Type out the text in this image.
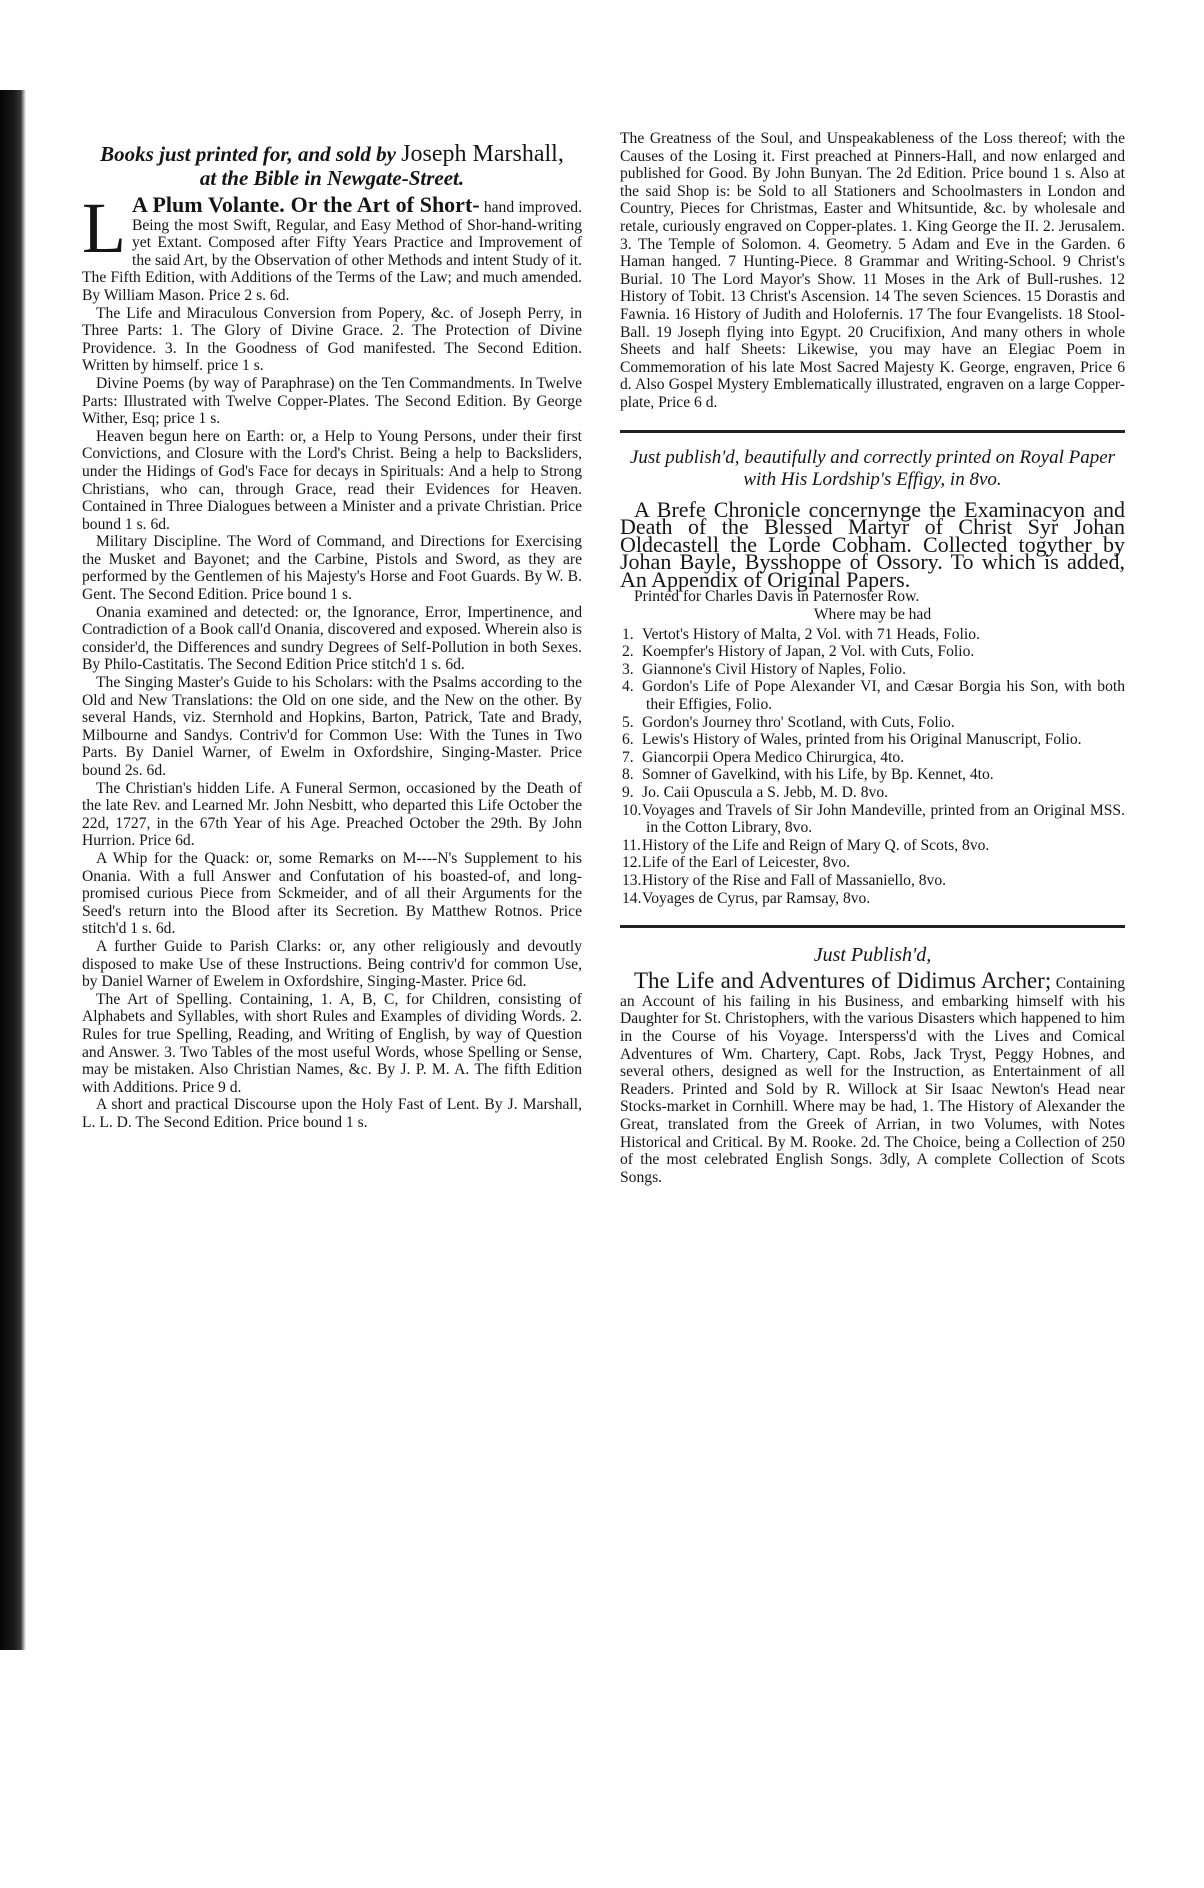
Books just printed for, and sold by Joseph Marshall,
at the Bible in Newgate-Street.

L A Plum Volante. Or the Art of Short- hand improved. Being the most Swift, Regular, and Easy Method of Shor-hand-writing yet Extant. Composed after Fifty Years Practice and Improvement of the said Art, by the Observation of other Methods and intent Study of it. The Fifth Edition, with Additions of the Terms of the Law; and much amended. By William Mason. Price 2 s. 6d.

The Life and Miraculous Conversion from Popery, &c. of Joseph Perry, in Three Parts: 1. The Glory of Divine Grace. 2. The Protection of Divine Providence. 3. In the Goodness of God manifested. The Second Edition. Written by himself. price 1 s.

Divine Poems (by way of Paraphrase) on the Ten Commandments. In Twelve Parts: Illustrated with Twelve Copper-Plates. The Second Edition. By George Wither, Esq; price 1 s.

Heaven begun here on Earth: or, a Help to Young Persons, under their first Convictions, and Closure with the Lord's Christ. Being a help to Backsliders, under the Hidings of God's Face for decays in Spirituals: And a help to Strong Christians, who can, through Grace, read their Evidences for Heaven. Contained in Three Dialogues between a Minister and a private Christian. Price bound 1 s. 6d.

Military Discipline. The Word of Command, and Directions for Exercising the Musket and Bayonet; and the Carbine, Pistols and Sword, as they are performed by the Gentlemen of his Majesty's Horse and Foot Guards. By W. B. Gent. The Second Edition. Price bound 1 s.

Onania examined and detected: or, the Ignorance, Error, Impertinence, and Contradiction of a Book call'd Onania, discovered and exposed. Wherein also is consider'd, the Differences and sundry Degrees of Self-Pollution in both Sexes. By Philo-Castitatis. The Second Edition Price stitch'd 1 s. 6d.

The Singing Master's Guide to his Scholars: with the Psalms according to the Old and New Translations: the Old on one side, and the New on the other. By several Hands, viz. Sternhold and Hopkins, Barton, Patrick, Tate and Brady, Milbourne and Sandys. Contriv'd for Common Use: With the Tunes in Two Parts. By Daniel Warner, of Ewelm in Oxfordshire, Singing-Master. Price bound 2s. 6d.

The Christian's hidden Life. A Funeral Sermon, occasioned by the Death of the late Rev. and Learned Mr. John Nesbitt, who departed this Life October the 22d, 1727, in the 67th Year of his Age. Preached October the 29th. By John Hurrion. Price 6d.

A Whip for the Quack: or, some Remarks on M----N's Supplement to his Onania. With a full Answer and Confutation of his boasted-of, and long-promised curious Piece from Sckmeider, and of all their Arguments for the Seed's return into the Blood after its Secretion. By Matthew Rotnos. Price stitch'd 1 s. 6d.

A further Guide to Parish Clarks: or, any other religiously and devoutly disposed to make Use of these Instructions. Being contriv'd for common Use, by Daniel Warner of Ewelem in Oxfordshire, Singing-Master. Price 6d.

The Art of Spelling. Containing, 1. A, B, C, for Children, consisting of Alphabets and Syllables, with short Rules and Examples of dividing Words. 2. Rules for true Spelling, Reading, and Writing of English, by way of Question and Answer. 3. Two Tables of the most useful Words, whose Spelling or Sense, may be mistaken. Also Christian Names, &c. By J. P. M. A. The fifth Edition with Additions. Price 9 d.

A short and practical Discourse upon the Holy Fast of Lent. By J. Marshall, L. L. D. The Second Edition. Price bound 1 s.

The Greatness of the Soul, and Unspeakableness of the Loss thereof; with the Causes of the Losing it. First preached at Pinners-Hall, and now enlarged and published for Good. By John Bunyan. The 2d Edition. Price bound 1 s. Also at the said Shop is: be Sold to all Stationers and Schoolmasters in London and Country, Pieces for Christmas, Easter and Whitsuntide, &c. by wholesale and retale, curiously engraved on Copper-plates. 1. King George the II. 2. Jerusalem. 3. The Temple of Solomon. 4. Geometry. 5 Adam and Eve in the Garden. 6 Haman hanged. 7 Hunting-Piece. 8 Grammar and Writing-School. 9 Christ's Burial. 10 The Lord Mayor's Show. 11 Moses in the Ark of Bull-rushes. 12 History of Tobit. 13 Christ's Ascension. 14 The seven Sciences. 15 Dorastis and Fawnia. 16 History of Judith and Holofernis. 17 The four Evangelists. 18 Stool-Ball. 19 Joseph flying into Egypt. 20 Crucifixion, And many others in whole Sheets and half Sheets: Likewise, you may have an Elegiac Poem in Commemoration of his late Most Sacred Majesty K. George, engraven, Price 6 d. Also Gospel Mystery Emblematically illustrated, engraven on a large Copper-plate, Price 6 d.

Just publish'd, beautifully and correctly printed on Royal Paper with His Lordship's Effigy, in 8vo.

A Brefe Chronicle concernynge the Examinacyon and Death of the Blessed Martyr of Christ Syr Johan Oldecastell the Lorde Cobham. Collected togyther by Johan Bayle, Bysshoppe of Ossory. To which is added, An Appendix of Original Papers.

Printed for Charles Davis in Paternoster Row.

Where may be had

1. Vertot's History of Malta, 2 Vol. with 71 Heads, Folio.
2. Koempfer's History of Japan, 2 Vol. with Cuts, Folio.
3. Giannone's Civil History of Naples, Folio.
4. Gordon's Life of Pope Alexander VI, and Cæsar Borgia his Son, with both their Effigies, Folio.
5. Gordon's Journey thro' Scotland, with Cuts, Folio.
6. Lewis's History of Wales, printed from his Original Manuscript, Folio.
7. Giancorpii Opera Medico Chirurgica, 4to.
8. Somner of Gavelkind, with his Life, by Bp. Kennet, 4to.
9. Jo. Caii Opuscula a S. Jebb, M. D. 8vo.
10.Voyages and Travels of Sir John Mandeville, printed from an Original MSS. in the Cotton Library, 8vo.
11.History of the Life and Reign of Mary Q. of Scots, 8vo.
12.Life of the Earl of Leicester, 8vo.
13.History of the Rise and Fall of Massaniello, 8vo.
14.Voyages de Cyrus, par Ramsay, 8vo.

Just Publish'd,

The Life and Adventures of Didimus Archer; Containing an Account of his failing in his Business, and embarking himself with his Daughter for St. Christophers, with the various Disasters which happened to him in the Course of his Voyage. Intersperss'd with the Lives and Comical Adventures of Wm. Chartery, Capt. Robs, Jack Tryst, Peggy Hobnes, and several others, designed as well for the Instruction, as Entertainment of all Readers. Printed and Sold by R. Willock at Sir Isaac Newton's Head near Stocks-market in Cornhill. Where may be had, 1. The History of Alexander the Great, translated from the Greek of Arrian, in two Volumes, with Notes Historical and Critical. By M. Rooke. 2d. The Choice, being a Collection of 250 of the most celebrated English Songs. 3dly, A complete Collection of Scots Songs.
